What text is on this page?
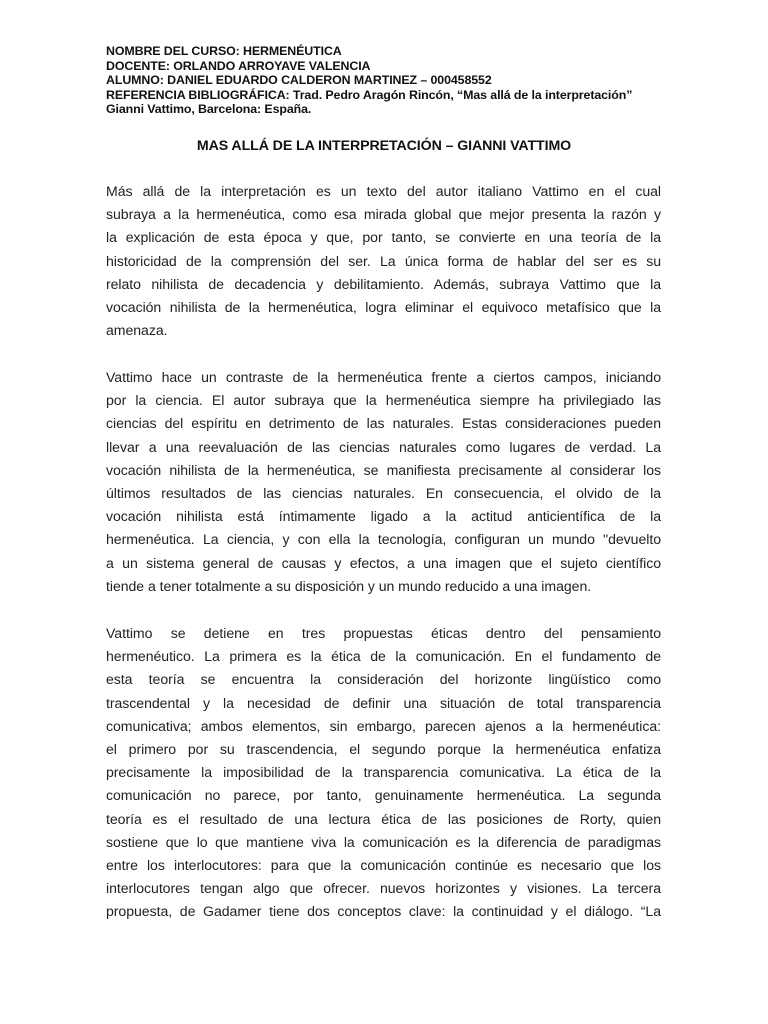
NOMBRE DEL CURSO: HERMENÉUTICA
DOCENTE: ORLANDO ARROYAVE VALENCIA
ALUMNO: DANIEL EDUARDO CALDERON MARTINEZ – 000458552
REFERENCIA BIBLIOGRÁFICA: Trad. Pedro Aragón Rincón, “Mas allá de la interpretación”
Gianni Vattimo, Barcelona: España.
MAS ALLÁ DE LA INTERPRETACIÓN – GIANNI VATTIMO
Más allá de la interpretación es un texto del autor italiano Vattimo en el cual
subraya a la hermenéutica, como esa mirada global que mejor presenta la razón y
la explicación de esta época y que, por tanto, se convierte en una teoría de la
historicidad de la comprensión del ser. La única forma de hablar del ser es su
relato nihilista de decadencia y debilitamiento. Además, subraya Vattimo que la
vocación nihilista de la hermenéutica, logra eliminar el equivoco metafísico que la
amenaza.
Vattimo hace un contraste de la hermenéutica frente a ciertos campos, iniciando
por la ciencia. El autor subraya que la hermenéutica siempre ha privilegiado las
ciencias del espíritu en detrimento de las naturales. Estas consideraciones pueden
llevar a una reevaluación de las ciencias naturales como lugares de verdad. La
vocación nihilista de la hermenéutica, se manifiesta precisamente al considerar los
últimos resultados de las ciencias naturales. En consecuencia, el olvido de la
vocación nihilista está íntimamente ligado a la actitud anticientífica de la
hermenéutica. La ciencia, y con ella la tecnología, configuran un mundo "devuelto
a un sistema general de causas y efectos, a una imagen que el sujeto científico
tiende a tener totalmente a su disposición y un mundo reducido a una imagen.
Vattimo se detiene en tres propuestas éticas dentro del pensamiento
hermenéutico. La primera es la ética de la comunicación. En el fundamento de
esta teoría se encuentra la consideración del horizonte lingüístico como
trascendental y la necesidad de definir una situación de total transparencia
comunicativa; ambos elementos, sin embargo, parecen ajenos a la hermenéutica:
el primero por su trascendencia, el segundo porque la hermenéutica enfatiza
precisamente la imposibilidad de la transparencia comunicativa. La ética de la
comunicación no parece, por tanto, genuinamente hermenéutica. La segunda
teoría es el resultado de una lectura ética de las posiciones de Rorty, quien
sostiene que lo que mantiene viva la comunicación es la diferencia de paradigmas
entre los interlocutores: para que la comunicación continúe es necesario que los
interlocutores tengan algo que ofrecer. nuevos horizontes y visiones. La tercera
propuesta, de Gadamer tiene dos conceptos clave: la continuidad y el diálogo. “La
